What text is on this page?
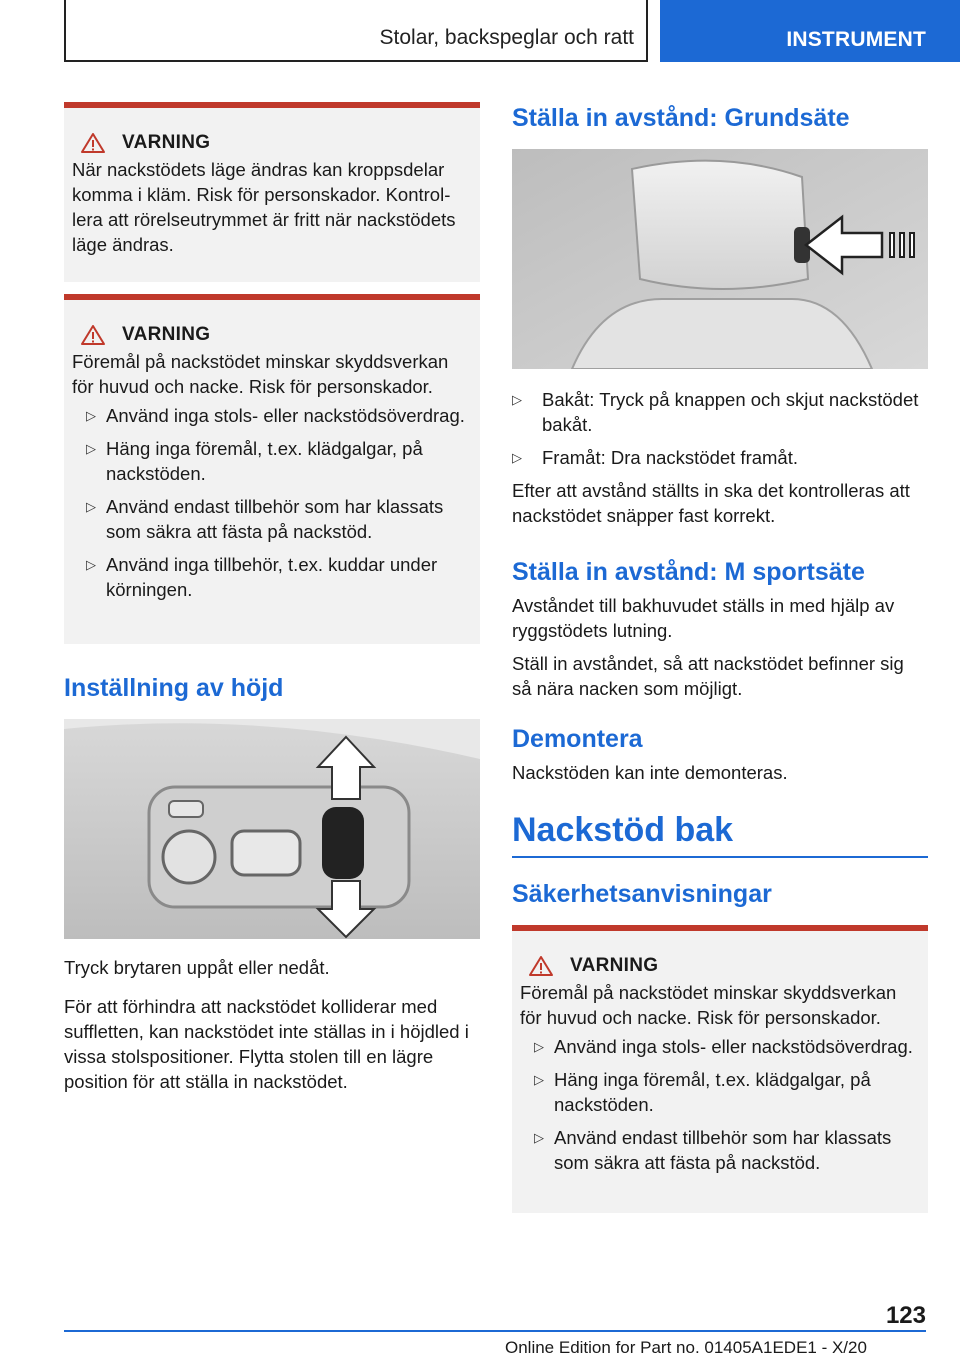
Stolar, backspeglar och ratt	INSTRUMENT
VARNING

När nackstödets läge ändras kan kroppsdelar komma i kläm. Risk för personskador. Kontrollera att rörelseutrymmet är fritt när nackstödets läge ändras.

VARNING

Föremål på nackstödet minskar skyddsverkan för huvud och nacke. Risk för personskador.

▷ Använd inga stols- eller nackstödsöverdrag.
▷ Häng inga föremål, t.ex. klädgalgar, på nackstöden.
▷ Använd endast tillbehör som har klassats som säkra att fästa på nackstöd.
▷ Använd inga tillbehör, t.ex. kuddar under körningen.
Inställning av höjd

Tryck brytaren uppåt eller nedåt.

För att förhindra att nackstödet kolliderar med suffletten, kan nackstödet inte ställas in i höjdled i vissa stolspositioner. Flytta stolen till en lägre position för att ställa in nackstödet.

Ställa in avstånd: Grundsäte
▷ Bakåt: Tryck på knappen och skjut nackstödet bakåt.
▷ Framåt: Dra nackstödet framåt.

Efter att avstånd ställts in ska det kontrolleras att nackstödet snäpper fast korrekt.

Ställa in avstånd: M sportsäte

Avståndet till bakhuvudet ställs in med hjälp av ryggstödets lutning.

Ställ in avståndet, så att nackstödet befinner sig så nära nacken som möjligt.

Demontera

Nackstöden kan inte demonteras.

Nackstöd bak
Säkerhetsanvisningar
VARNING

Föremål på nackstödet minskar skyddsverkan för huvud och nacke. Risk för personskador.

▷ Använd inga stols- eller nackstödsöverdrag.
▷ Häng inga föremål, t.ex. klädgalgar, på nackstöden.
▷ Använd endast tillbehör som har klassats som säkra att fästa på nackstöd.
123
Online Edition for Part no. 01405A1EDE1 - X/20
